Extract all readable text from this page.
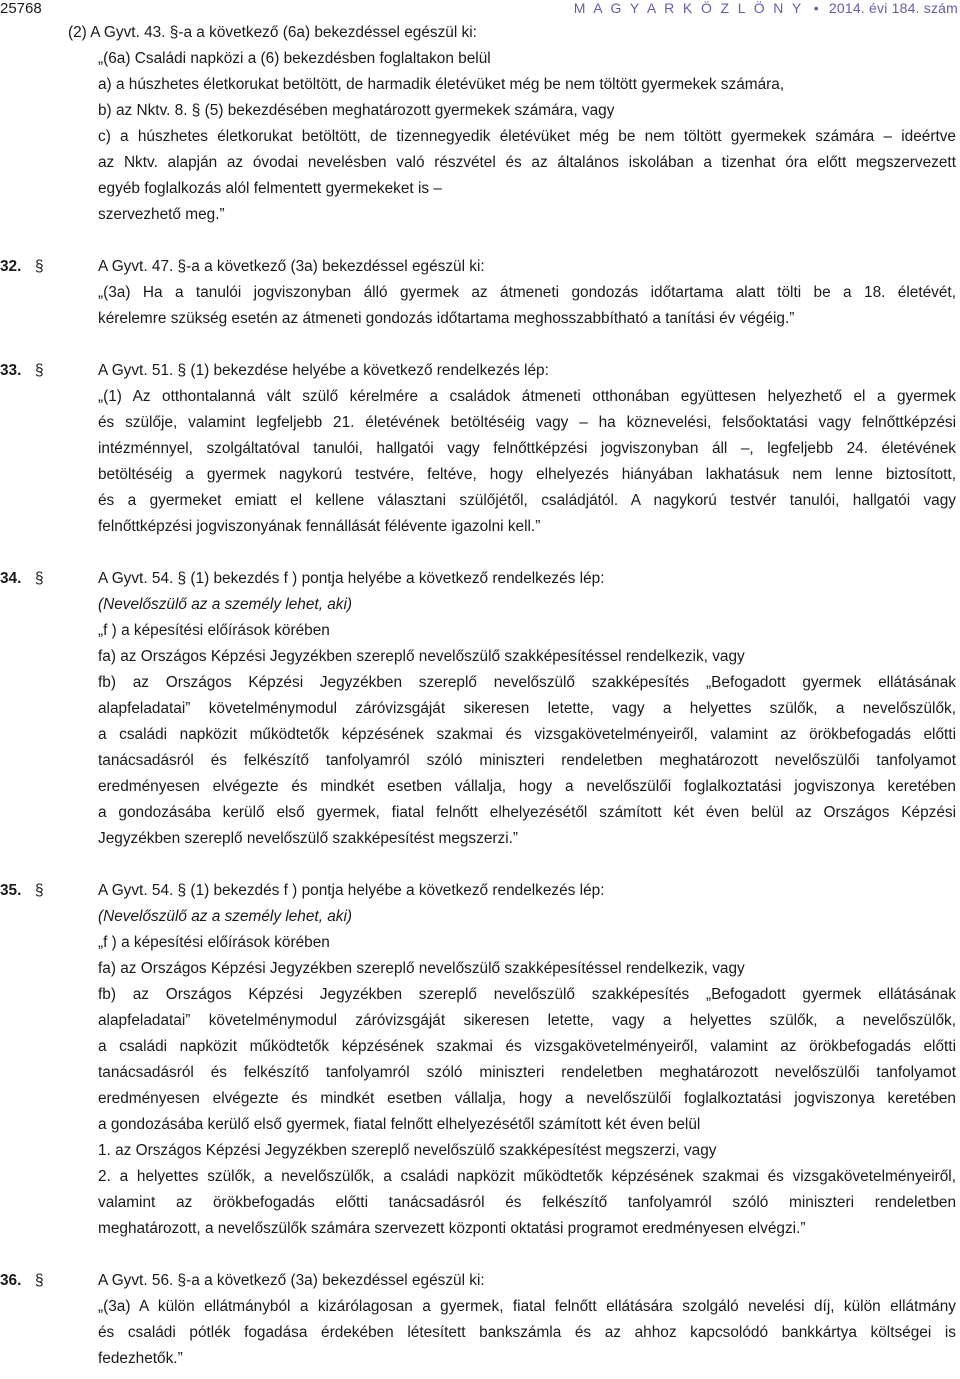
25768	M A G Y A R K Ö Z L Ö N Y • 2014. évi 184. szám
(2) A Gyvt. 43. §-a a következő (6a) bekezdéssel egészül ki:
„(6a) Családi napközi a (6) bekezdésben foglaltakon belül
a) a húszhetes életkorukat betöltött, de harmadik életévüket még be nem töltött gyermekek számára,
b) az Nktv. 8. § (5) bekezdésében meghatározott gyermekek számára, vagy
c) a húszhetes életkorukat betöltött, de tizennegyedik életévüket még be nem töltött gyermekek számára – ideértve
az Nktv. alapján az óvodai nevelésben való részvétel és az általános iskolában a tizenhat óra előtt megszervezett
egyéb foglalkozás alól felmentett gyermekeket is –
szervezhető meg.”
32. §	A Gyvt. 47. §-a a következő (3a) bekezdéssel egészül ki:
„(3a) Ha a tanulói jogviszonyban álló gyermek az átmeneti gondozás időtartama alatt tölti be a 18. életévét,
kérelemre szükség esetén az átmeneti gondozás időtartama meghosszabbítható a tanítási év végéig.”
33. §	A Gyvt. 51. § (1) bekezdése helyébe a következő rendelkezés lép:
„(1) Az otthontalanná vált szülő kérelmére a családok átmeneti otthonában együttesen helyezhető el a gyermek
és szülője, valamint legfeljebb 21. életévének betöltéséig vagy – ha köznevelési, felsőoktatási vagy felnőttképzési
intézménnyel, szolgáltatóval tanulói, hallgatói vagy felnőttképzési jogviszonyban áll –, legfeljebb 24. életévének
betöltéséig a gyermek nagykorú testvére, feltéve, hogy elhelyezés hiányában lakhatásuk nem lenne biztosított,
és a gyermeket emiatt el kellene választani szülőjétől, családjától. A nagykorú testvér tanulói, hallgatói vagy
felnőttképzési jogviszonyának fennállását félévente igazolni kell.”
34. §	A Gyvt. 54. § (1) bekezdés f ) pontja helyébe a következő rendelkezés lép:
(Nevelőszülő az a személy lehet, aki)
„f ) a képesítési előírások körében
fa) az Országos Képzési Jegyzékben szereplő nevelőszülő szakképesítéssel rendelkezik, vagy
fb) az Országos Képzési Jegyzékben szereplő nevelőszülő szakképesítés „Befogadott gyermek ellátásának
alapfeladatai” követelménymodul záróvizsgáját sikeresen letette, vagy a helyettes szülők, a nevelőszülők,
a családi napközit működtetők képzésének szakmai és vizsgakövetelményeiről, valamint az örökbefogadás előtti
tanácsadásról és felkészítő tanfolyamról szóló miniszteri rendeletben meghatározott nevelőszülői tanfolyamot
eredményesen elvégezte és mindkét esetben vállalja, hogy a nevelőszülői foglalkoztatási jogviszonya keretében
a gondozásába kerülő első gyermek, fiatal felnőtt elhelyezésétől számított két éven belül az Országos Képzési
Jegyzékben szereplő nevelőszülő szakképesítést megszerzi.”
35. §	A Gyvt. 54. § (1) bekezdés f ) pontja helyébe a következő rendelkezés lép:
(Nevelőszülő az a személy lehet, aki)
„f ) a képesítési előírások körében
fa) az Országos Képzési Jegyzékben szereplő nevelőszülő szakképesítéssel rendelkezik, vagy
fb) az Országos Képzési Jegyzékben szereplő nevelőszülő szakképesítés „Befogadott gyermek ellátásának
alapfeladatai” követelménymodul záróvizsgáját sikeresen letette, vagy a helyettes szülők, a nevelőszülők,
a családi napközit működtetők képzésének szakmai és vizsgakövetelményeiről, valamint az örökbefogadás előtti
tanácsadásról és felkészítő tanfolyamról szóló miniszteri rendeletben meghatározott nevelőszülői tanfolyamot
eredményesen elvégezte és mindkét esetben vállalja, hogy a nevelőszülői foglalkoztatási jogviszonya keretében
a gondozásába kerülő első gyermek, fiatal felnőtt elhelyezésétől számított két éven belül
1. az Országos Képzési Jegyzékben szereplő nevelőszülő szakképesítést megszerzi, vagy
2. a helyettes szülők, a nevelőszülők, a családi napközit működtetők képzésének szakmai és vizsgakövetelményeiről,
valamint az örökbefogadás előtti tanácsadásról és felkészítő tanfolyamról szóló miniszteri rendeletben
meghatározott, a nevelőszülők számára szervezett központi oktatási programot eredményesen elvégzi.”
36. §	A Gyvt. 56. §-a a következő (3a) bekezdéssel egészül ki:
„(3a) A külön ellátmányból a kizárólagosan a gyermek, fiatal felnőtt ellátására szolgáló nevelési díj, külön ellátmány
és családi pótlék fogadása érdekében létesített bankszámla és az ahhoz kapcsolódó bankkártya költségei is
fedezhetők.”
